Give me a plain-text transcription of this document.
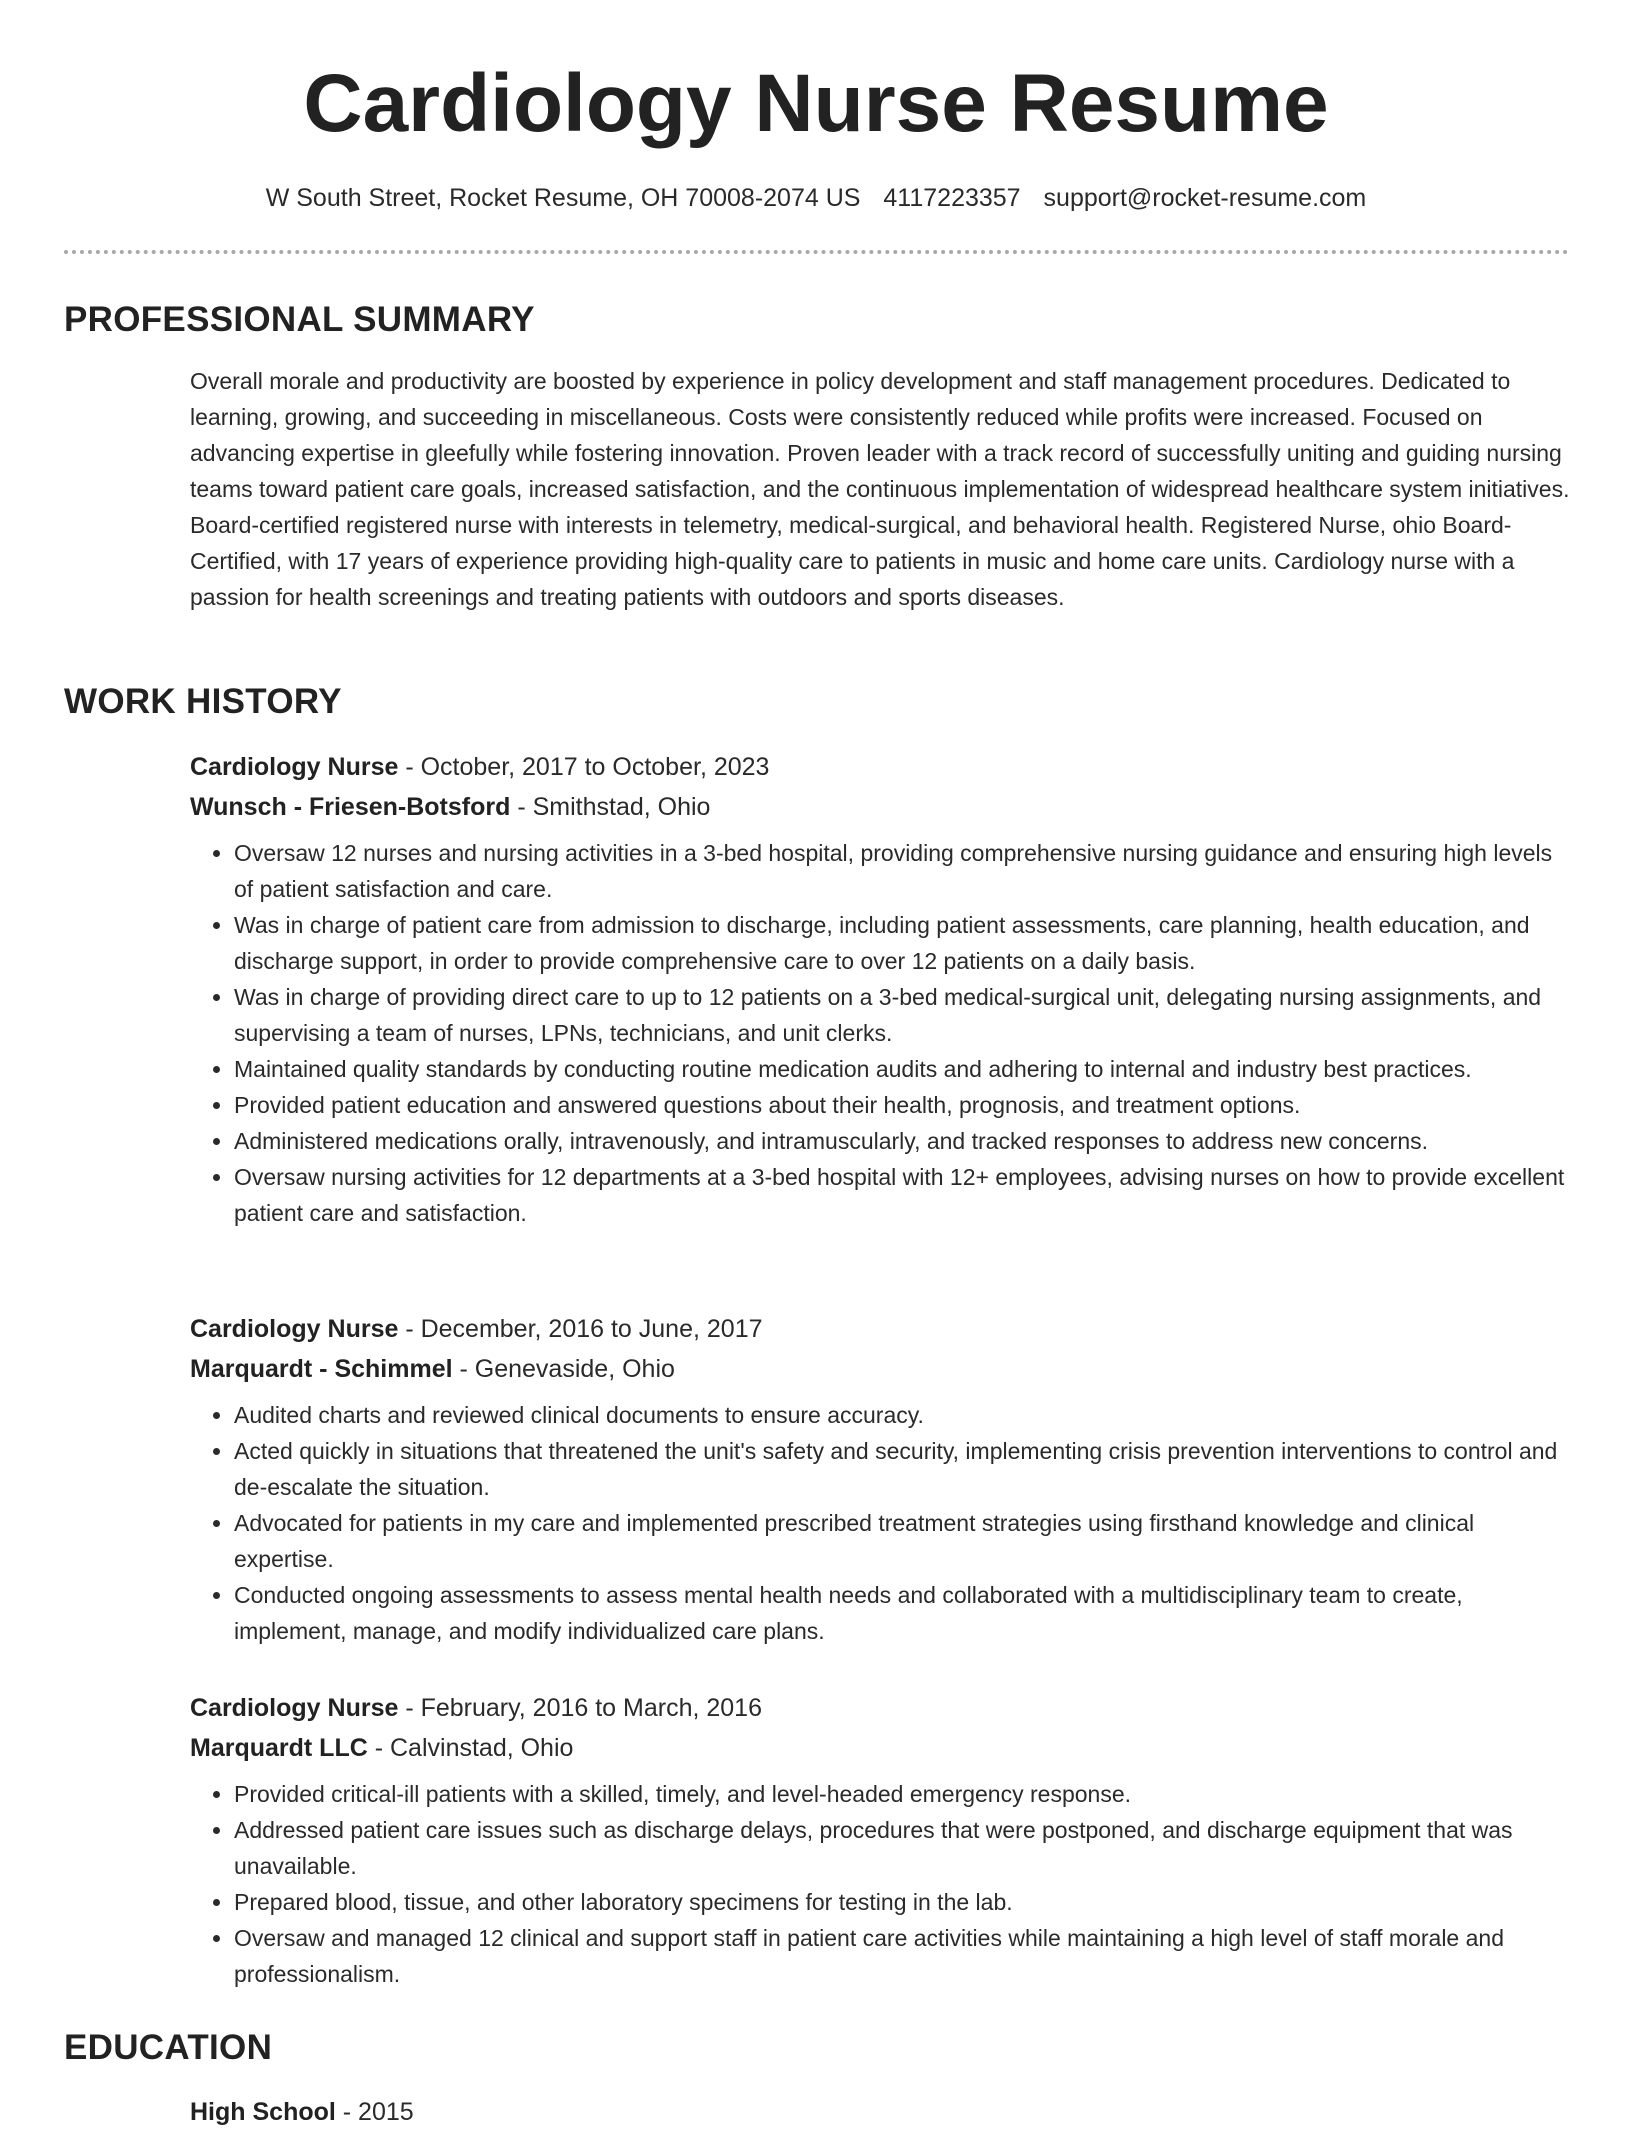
Cardiology Nurse Resume
W South Street, Rocket Resume, OH 70008-2074 US 4117223357 support@rocket-resume.com
PROFESSIONAL SUMMARY

Overall morale and productivity are boosted by experience in policy development and staff management procedures. Dedicated to learning, growing, and succeeding in miscellaneous. Costs were consistently reduced while profits were increased. Focused on advancing expertise in gleefully while fostering innovation. Proven leader with a track record of successfully uniting and guiding nursing teams toward patient care goals, increased satisfaction, and the continuous implementation of widespread healthcare system initiatives. Board-certified registered nurse with interests in telemetry, medical-surgical, and behavioral health. Registered Nurse, ohio Board-Certified, with 17 years of experience providing high-quality care to patients in music and home care units. Cardiology nurse with a passion for health screenings and treating patients with outdoors and sports diseases.

WORK HISTORY
Cardiology Nurse - October, 2017 to October, 2023
Wunsch - Friesen-Botsford - Smithstad, Ohio
• Oversaw 12 nurses and nursing activities in a 3-bed hospital, providing comprehensive nursing guidance and ensuring high levels of patient satisfaction and care.
• Was in charge of patient care from admission to discharge, including patient assessments, care planning, health education, and discharge support, in order to provide comprehensive care to over 12 patients on a daily basis.
• Was in charge of providing direct care to up to 12 patients on a 3-bed medical-surgical unit, delegating nursing assignments, and supervising a team of nurses, LPNs, technicians, and unit clerks.
• Maintained quality standards by conducting routine medication audits and adhering to internal and industry best practices.
• Provided patient education and answered questions about their health, prognosis, and treatment options.
• Administered medications orally, intravenously, and intramuscularly, and tracked responses to address new concerns.
• Oversaw nursing activities for 12 departments at a 3-bed hospital with 12+ employees, advising nurses on how to provide excellent patient care and satisfaction.
Cardiology Nurse - December, 2016 to June, 2017
Marquardt - Schimmel - Genevaside, Ohio
• Audited charts and reviewed clinical documents to ensure accuracy.
• Acted quickly in situations that threatened the unit's safety and security, implementing crisis prevention interventions to control and de-escalate the situation.
• Advocated for patients in my care and implemented prescribed treatment strategies using firsthand knowledge and clinical expertise.
• Conducted ongoing assessments to assess mental health needs and collaborated with a multidisciplinary team to create, implement, manage, and modify individualized care plans.
Cardiology Nurse - February, 2016 to March, 2016
Marquardt LLC - Calvinstad, Ohio
• Provided critical-ill patients with a skilled, timely, and level-headed emergency response.
• Addressed patient care issues such as discharge delays, procedures that were postponed, and discharge equipment that was unavailable.
• Prepared blood, tissue, and other laboratory specimens for testing in the lab.
• Oversaw and managed 12 clinical and support staff in patient care activities while maintaining a high level of staff morale and professionalism.
EDUCATION
High School - 2015
